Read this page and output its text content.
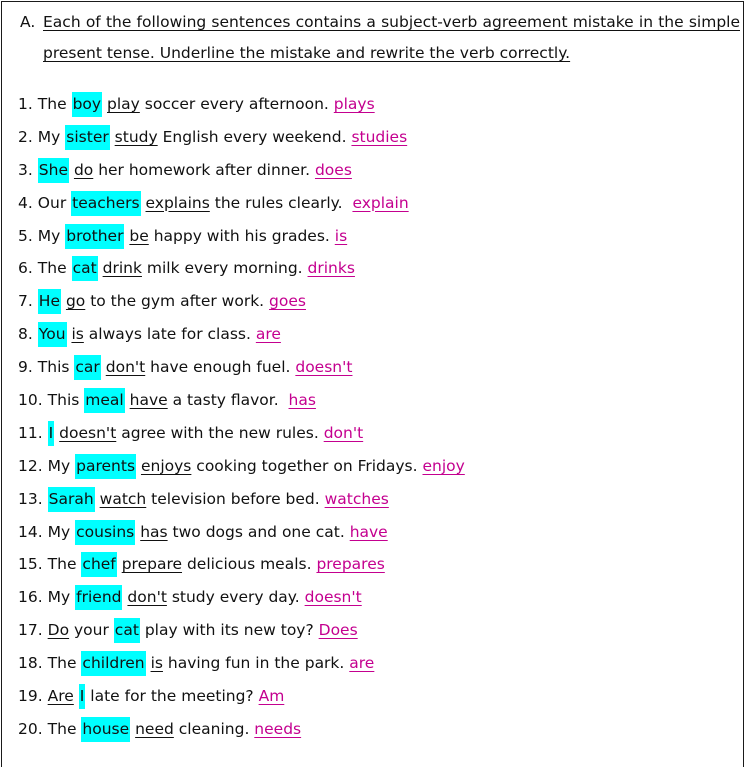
A. Each of the following sentences contains a subject-verb agreement mistake in the simple present tense. Underline the mistake and rewrite the verb correctly.
1. The boy play soccer every afternoon. plays
2. My sister study English every weekend. studies
3. She do her homework after dinner. does
4. Our teachers explains the rules clearly.  explain
5. My brother be happy with his grades. is
6. The cat drink milk every morning. drinks
7. He go to the gym after work. goes
8. You is always late for class. are
9. This car don't have enough fuel. doesn't
10. This meal have a tasty flavor.  has
11. I doesn't agree with the new rules. don't
12. My parents enjoys cooking together on Fridays. enjoy
13. Sarah watch television before bed. watches
14. My cousins has two dogs and one cat. have
15. The chef prepare delicious meals. prepares
16. My friend don't study every day. doesn't
17. Do your cat play with its new toy? Does
18. The children is having fun in the park. are
19. Are I late for the meeting? Am
20. The house need cleaning. needs
